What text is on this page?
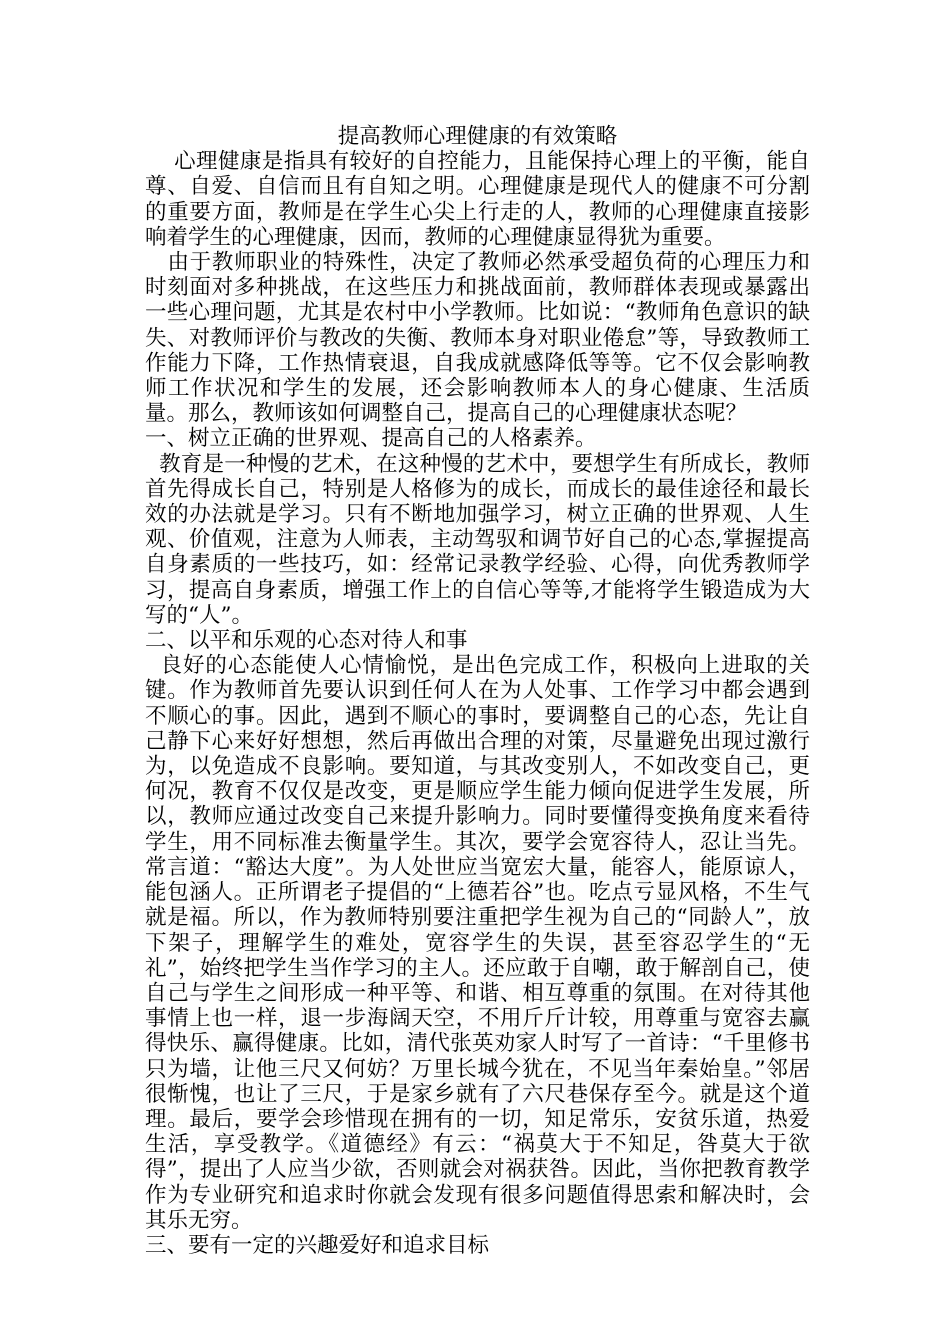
提高教师心理健康的有效策略

心理健康是指具有较好的自控能力，且能保持心理上的平衡，能自尊、自爱、自信而且有自知之明。心理健康是现代人的健康不可分割的重要方面，教师是在学生心尖上行走的人，教师的心理健康直接影响着学生的心理健康，因而，教师的心理健康显得犹为重要。

由于教师职业的特殊性，决定了教师必然承受超负荷的心理压力和时刻面对多种挑战，在这些压力和挑战面前，教师群体表现或暴露出一些心理问题，尤其是农村中小学教师。比如说：“教师角色意识的缺失、对教师评价与教改的失衡、教师本身对职业倦怠”等，导致教师工作能力下降，工作热情衰退，自我成就感降低等等。它不仅会影响教师工作状况和学生的发展，还会影响教师本人的身心健康、生活质量。那么，教师该如何调整自己，提高自己的心理健康状态呢？

一、树立正确的世界观、提高自己的人格素养。

教育是一种慢的艺术，在这种慢的艺术中，要想学生有所成长，教师首先得成长自己，特别是人格修为的成长，而成长的最佳途径和最长效的办法就是学习。只有不断地加强学习，树立正确的世界观、人生观、价值观，注意为人师表，主动驾驭和调节好自己的心态,掌握提高自身素质的一些技巧，如：经常记录教学经验、心得，向优秀教师学习，提高自身素质，增强工作上的自信心等等,才能将学生锻造成为大写的“人”。

二、以平和乐观的心态对待人和事

良好的心态能使人心情愉悦，是出色完成工作，积极向上进取的关键。作为教师首先要认识到任何人在为人处事、工作学习中都会遇到不顺心的事。因此，遇到不顺心的事时，要调整自己的心态，先让自己静下心来好好想想，然后再做出合理的对策，尽量避免出现过激行为，以免造成不良影响。要知道，与其改变别人，不如改变自己，更何况，教育不仅仅是改变，更是顺应学生能力倾向促进学生发展，所以，教师应通过改变自己来提升影响力。同时要懂得变换角度来看待学生，用不同标准去衡量学生。其次，要学会宽容待人，忍让当先。常言道：“豁达大度”。为人处世应当宽宏大量，能容人，能原谅人，能包涵人。正所谓老子提倡的“上德若谷”也。吃点亏显风格，不生气就是福。所以，作为教师特别要注重把学生视为自己的“同龄人”，放下架子，理解学生的难处，宽容学生的失误，甚至容忍学生的“无礼”，始终把学生当作学习的主人。还应敢于自嘲，敢于解剖自己，使自己与学生之间形成一种平等、和谐、相互尊重的氛围。在对待其他事情上也一样，退一步海阔天空，不用斤斤计较，用尊重与宽容去赢得快乐、赢得健康。比如，清代张英劝家人时写了一首诗：“千里修书只为墙，让他三尺又何妨？万里长城今犹在，不见当年秦始皇。”邻居很惭愧，也让了三尺，于是家乡就有了六尺巷保存至今。就是这个道理。最后，要学会珍惜现在拥有的一切，知足常乐，安贫乐道，热爱生活，享受教学。《道德经》有云：“祸莫大于不知足，咎莫大于欲得”，提出了人应当少欲，否则就会对祸获咎。因此，当你把教育教学作为专业研究和追求时你就会发现有很多问题值得思索和解决时，会其乐无穷。

三、要有一定的兴趣爱好和追求目标
